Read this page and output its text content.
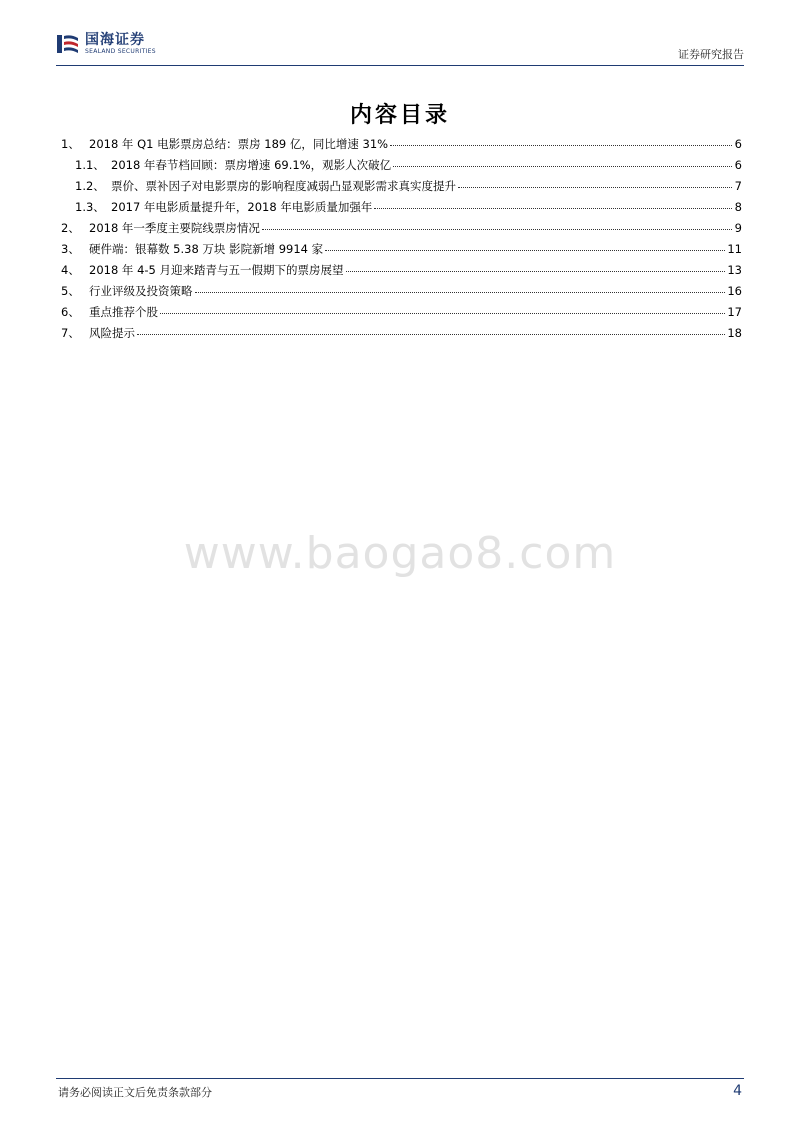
国海证券
SEALAND SECURITIES	证券研究报告
内容目录
1、 2018 年 Q1 电影票房总结：票房 189 亿，同比增速 31%	6
1.1、 2018 年春节档回顾：票房增速 69.1%，观影人次破亿	6
1.2、 票价、票补因子对电影票房的影响程度减弱凸显观影需求真实度提升	7
1.3、 2017 年电影质量提升年，2018 年电影质量加强年	8
2、 2018 年一季度主要院线票房情况	9
3、 硬件端：银幕数 5.38 万块 影院新增 9914 家	11
4、 2018 年 4-5 月迎来踏青与五一假期下的票房展望	13
5、 行业评级及投资策略	16
6、 重点推荐个股	17
7、 风险提示	18
www.baogao8.com
请务必阅读正文后免责条款部分	4
